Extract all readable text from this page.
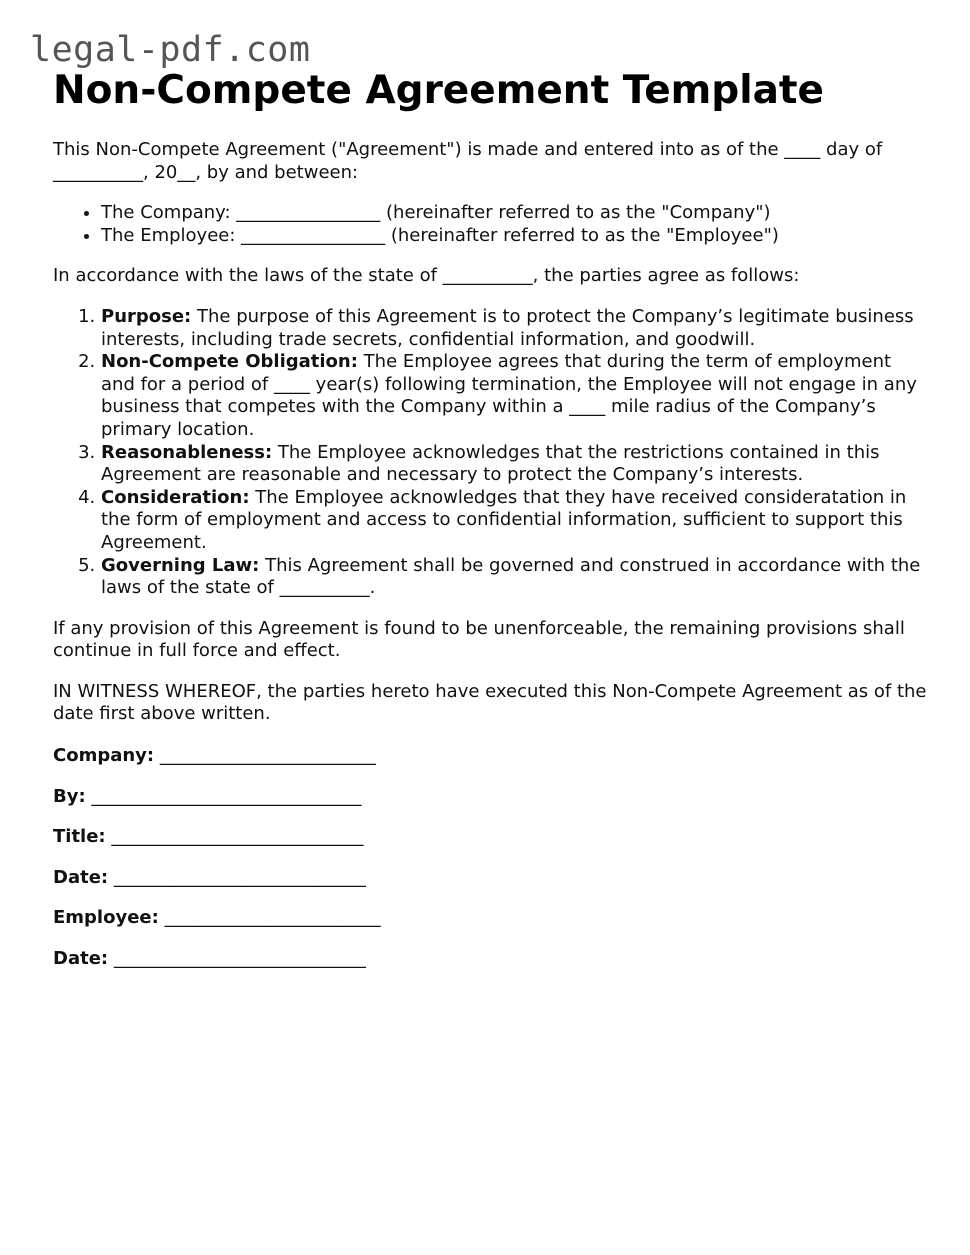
legal-pdf.com
Non-Compete Agreement Template

This Non-Compete Agreement ("Agreement") is made and entered into as of the ____ day of __________, 20__, by and between:

• The Company: ________________ (hereinafter referred to as the "Company")
• The Employee: ________________ (hereinafter referred to as the "Employee")

In accordance with the laws of the state of __________, the parties agree as follows:

1. Purpose: The purpose of this Agreement is to protect the Company’s legitimate business interests, including trade secrets, confidential information, and goodwill.
2. Non-Compete Obligation: The Employee agrees that during the term of employment and for a period of ____ year(s) following termination, the Employee will not engage in any business that competes with the Company within a ____ mile radius of the Company’s primary location.
3. Reasonableness: The Employee acknowledges that the restrictions contained in this Agreement are reasonable and necessary to protect the Company’s interests.
4. Consideration: The Employee acknowledges that they have received consideratation in the form of employment and access to confidential information, sufficient to support this Agreement.
5. Governing Law: This Agreement shall be governed and construed in accordance with the laws of the state of __________.

If any provision of this Agreement is found to be unenforceable, the remaining provisions shall continue in full force and effect.

IN WITNESS WHEREOF, the parties hereto have executed this Non-Compete Agreement as of the date first above written.

Company: ________________________
By: ______________________________
Title: ____________________________
Date: ____________________________
Employee: ________________________
Date: ____________________________
